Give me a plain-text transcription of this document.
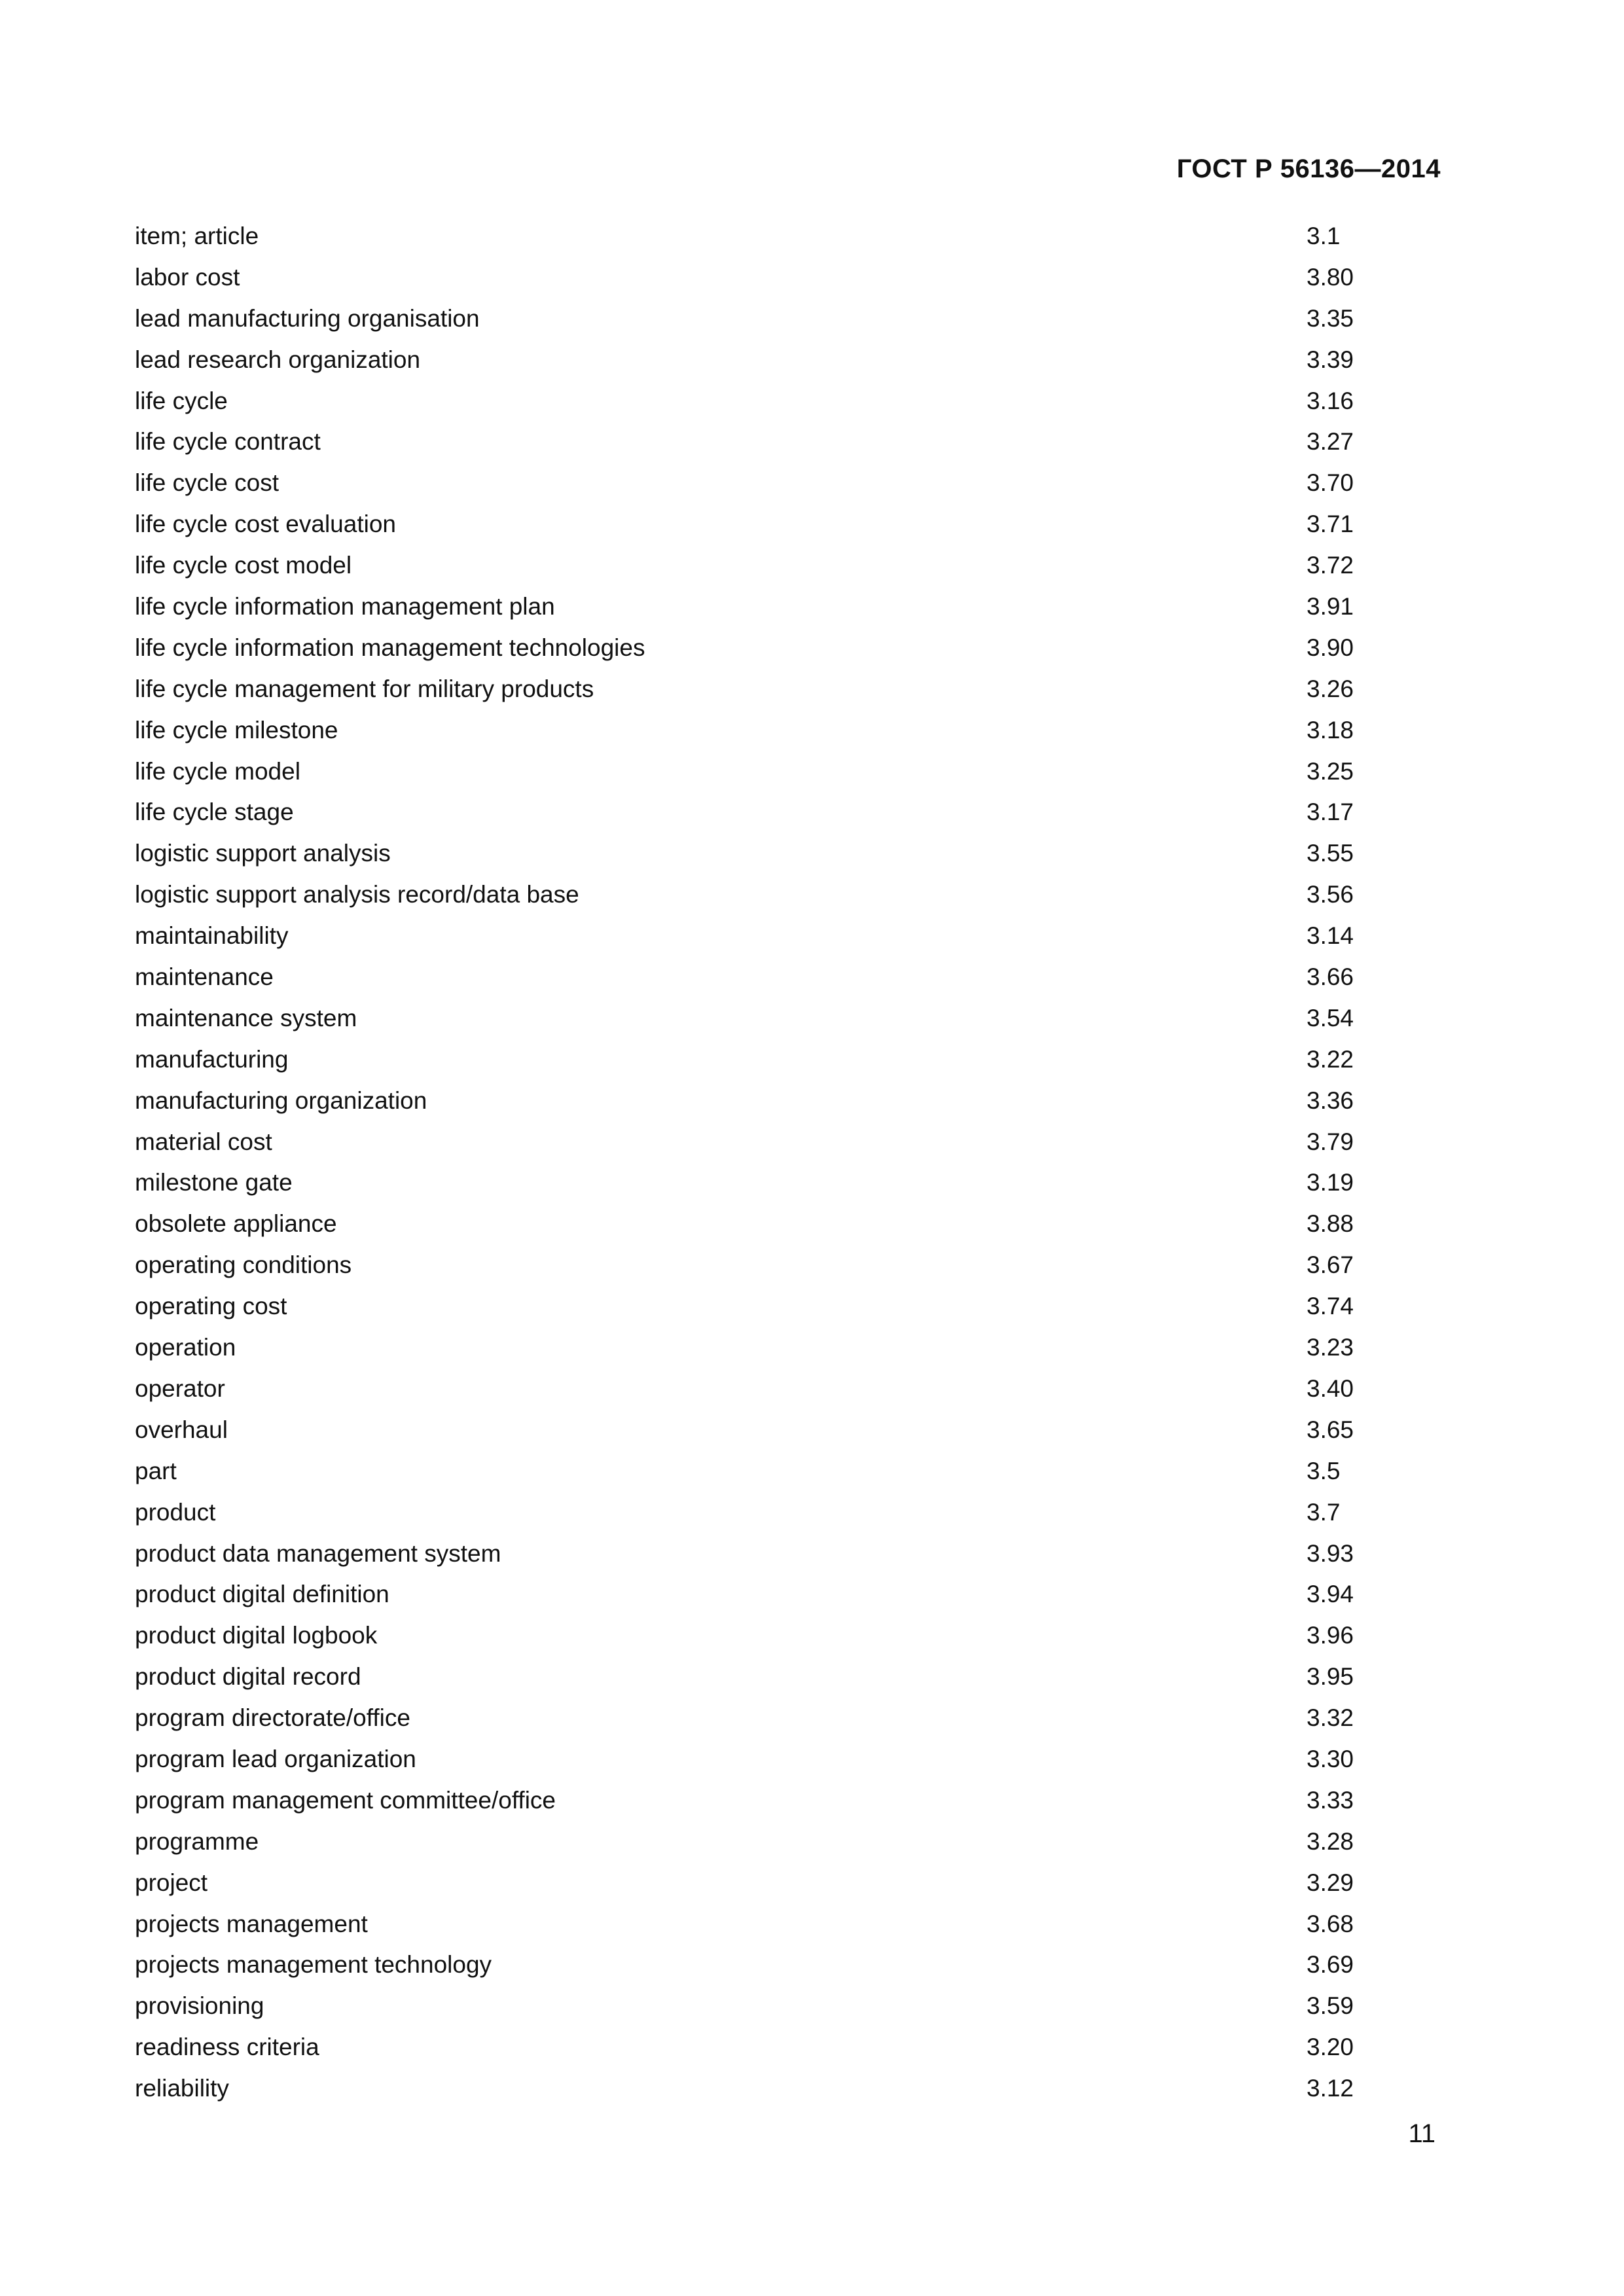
ГОСТ Р 56136—2014
item; article	3.1
labor cost	3.80
lead manufacturing organisation	3.35
lead research organization	3.39
life cycle	3.16
life cycle contract	3.27
life cycle cost	3.70
life cycle cost evaluation	3.71
life cycle cost model	3.72
life cycle information management plan	3.91
life cycle information management technologies	3.90
life cycle management for military products	3.26
life cycle milestone	3.18
life cycle model	3.25
life cycle stage	3.17
logistic support analysis	3.55
logistic support analysis record/data base	3.56
maintainability	3.14
maintenance	3.66
maintenance system	3.54
manufacturing	3.22
manufacturing organization	3.36
material cost	3.79
milestone gate	3.19
obsolete appliance	3.88
operating conditions	3.67
operating cost	3.74
operation	3.23
operator	3.40
overhaul	3.65
part	3.5
product	3.7
product data management system	3.93
product digital definition	3.94
product digital logbook	3.96
product digital record	3.95
program directorate/office	3.32
program lead organization	3.30
program management committee/office	3.33
programme	3.28
project	3.29
projects management	3.68
projects management technology	3.69
provisioning	3.59
readiness criteria	3.20
reliability	3.12
11
